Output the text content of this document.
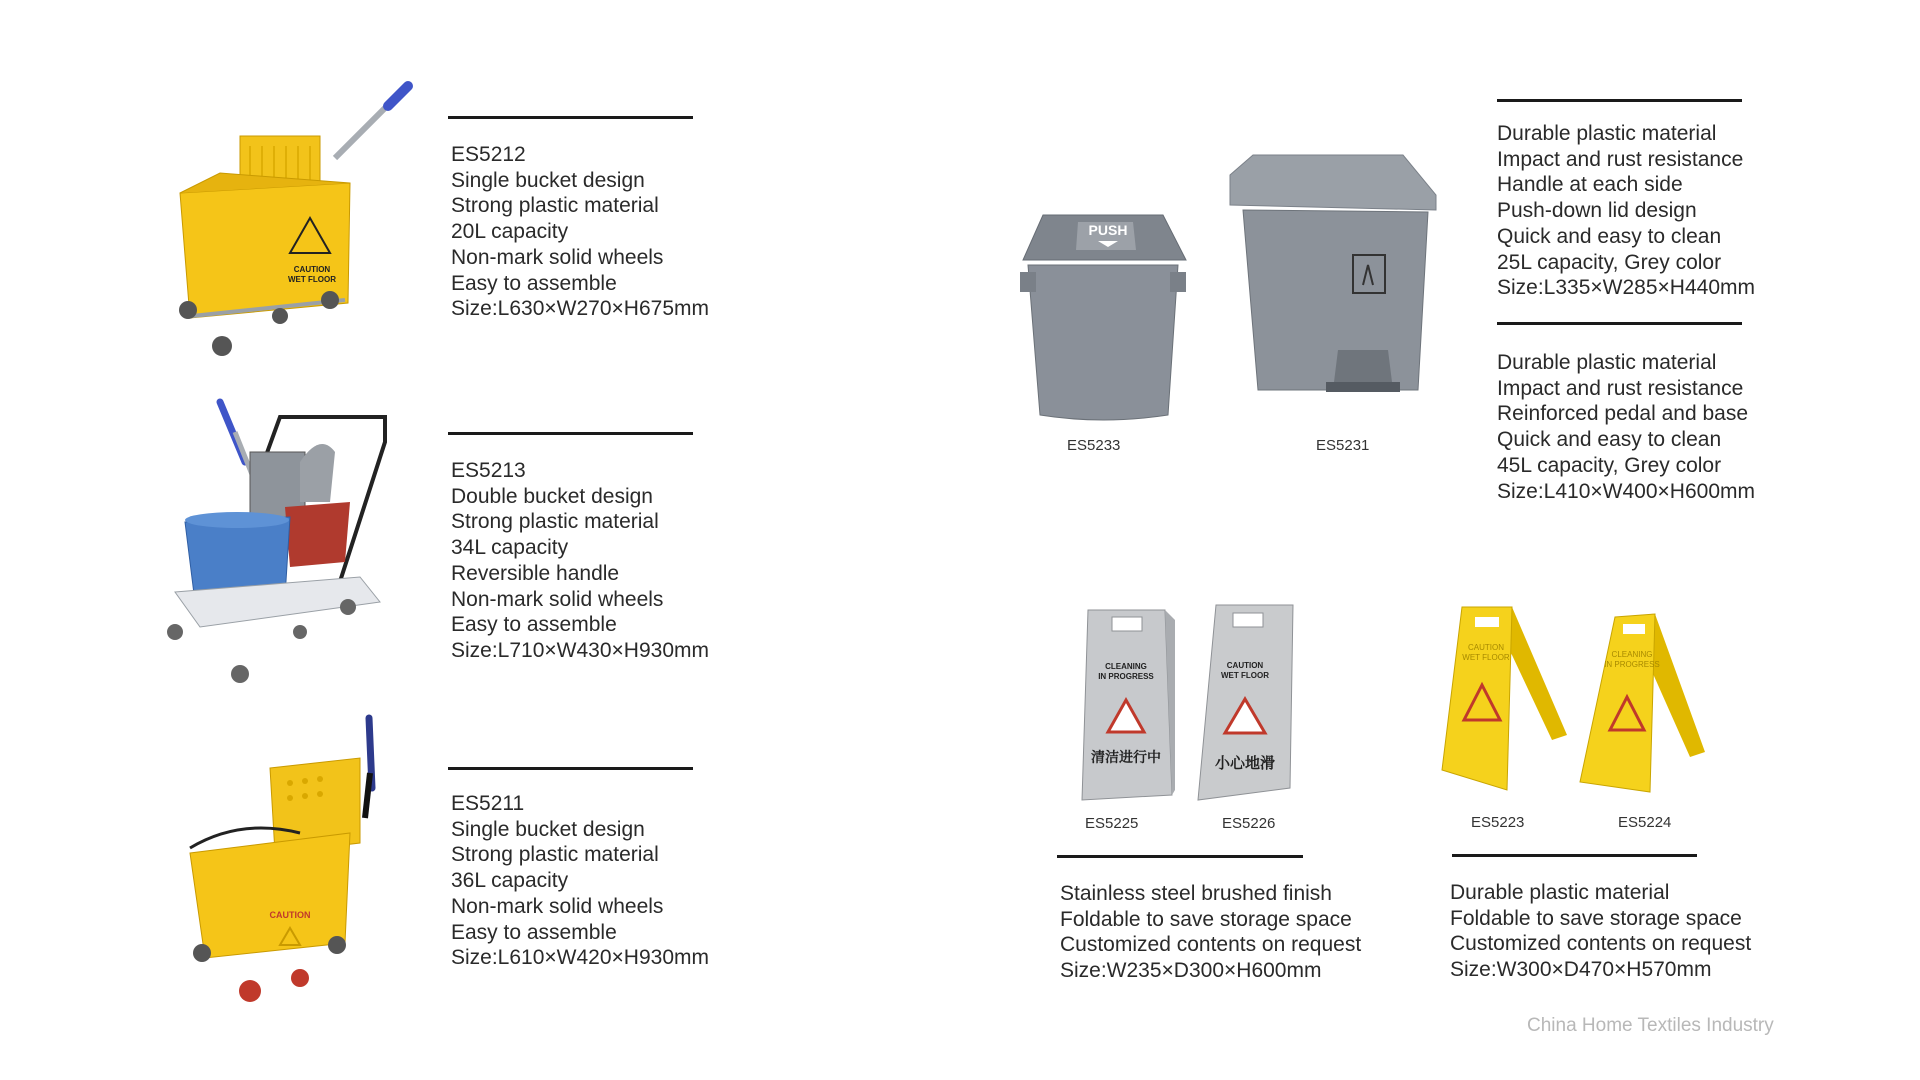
CAUTION
WET FLOOR
ES5212
Single bucket design
Strong plastic material
20L capacity
Non-mark solid wheels
Easy to assemble
Size:L630×W270×H675mm
ES5213
Double bucket design
Strong plastic material
34L capacity
Reversible handle
Non-mark solid wheels
Easy to assemble
Size:L710×W430×H930mm
CAUTION
ES5211
Single bucket design
Strong plastic material
36L capacity
Non-mark solid wheels
Easy to assemble
Size:L610×W420×H930mm
PUSH
ES5233	ES5231
Durable plastic material
Impact and rust resistance
Handle at each side
Push-down lid design
Quick and easy to clean
25L capacity, Grey color
Size:L335×W285×H440mm
Durable plastic material
Impact and rust resistance
Reinforced pedal and base
Quick and easy to clean
45L capacity, Grey color
Size:L410×W400×H600mm
CLEANING
IN PROGRESS
清洁进行中
CAUTION
WET FLOOR
小心地滑
ES5225	ES5226
Stainless steel brushed finish
Foldable to save storage space
Customized contents on request
Size:W235×D300×H600mm
CAUTION
WET FLOOR	CLEANING
IN PROGRESS
ES5223	ES5224
Durable plastic material
Foldable to save storage space
Customized contents on request
Size:W300×D470×H570mm
China Home Textiles Industry
